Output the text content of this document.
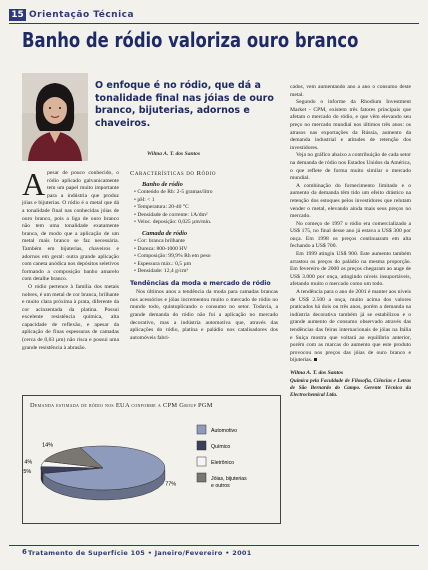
15 Orientação Técnica
Banho de ródio valoriza ouro branco
O enfoque é no ródio, que dá a tonalidade final nas jóias de ouro branco, bijuterias, adornos e chaveiros.
Wilma A. T. dos Santos
A pesar de pouco conhecido, o ródio aplicado galvanicamente tem um papel muito importante para a indústria que produz jóias e bijuterias. O ródio é o metal que dá a tonalidade final nas conhecidas jóias de ouro branco, pois a liga de ouro branco não tem uma tonalidade exatamente branca, de modo que a aplicação de um metal mais branco se faz necessária. Também em bijuterias, chaveiros e adornos em geral: outra grande aplicação com caneta anódica nos depósitos seletivos formando a composição banho amarelo com detalhe branco.

O ródio pertence à família dos metais nobres, é um metal de cor branca, brilhante e muito clara próxima à prata, diferente da cor acinzentada da platina. Possui excelente resistência química, alta capacidade de reflexão, e apesar da aplicação de finas espessuras de camadas (cerca de 0,03 µm) não risca e possui uma grande resistência à abrasão.

Características do Ródio
Banho de ródio
• Conteúdo de Rh: 2-5 gramas/litro
• pH: < 1
• Temperatura: 20-40 °C
• Densidade de corrente: 1A/dm²
• Veloc. deposição: 0,025 µm/min.
Camada de ródio
• Cor: branca brilhante
• Dureza: 800-1000 HV
• Composição: 99,9% Rh em peso
• Espessura máx.: 0,5 µm
• Densidade: 12,4 g/cm³
Tendências da moda e mercado de ródio

Nos últimos anos a tendência da moda para camadas brancas nos acessórios e jóias incrementou muito o mercado de ródio no mundo todo, quintuplicando o consumo no setor. Todavia, a grande demanda do ródio não foi a aplicação no mercado decorativo, mas a indústria automotiva que, através das aplicações do ródio, platina e paládio nos catalisadores dos automóveis fabri-

cados, vem aumentando ano a ano o consumo deste metal.

Segundo o informe da Rhodium Investment Market - CPM, existem três fatores principais que afetam o mercado do ródio, e que vêm elevando seu preço no mercado mundial nos últimos três anos: os atrasos nas exportações da Rússia, aumento da demanda industrial e atitudes de retenção dos investidores.

Veja no gráfico abaixo a contribuição de cada setor na demanda de ródio nos Estados Unidos da América, o que reflete de forma muito similar o mercado mundial.

A combinação do fornecimento limitado e o aumento da demanda têm tido um efeito drástico na retenção dos estoques pelos investidores que relutam vender o metal, elevando ainda mais seus preços no mercado.

No começo de 1997 o ródio era comercializado a US$ 175, no final desse ano já estava a US$ 300 por onça. Em 1998 os preços continuaram em alta fechando a US$ 700.

Em 1999 atingiu US$ 900. Este aumento também arrastou os preços do paládio na mesma proporção. Em fevereiro de 2000 os preços chegaram ao auge de US$ 3.000 por onça, atingindo níveis insuportáveis, afetando muito o mercado como um todo.

A tendência para o ano de 2001 é manter aos níveis de US$ 2.500 a onça, muito acima dos valores praticados há dois ou três anos, porém a demanda na indústria decorativa também já se estabilizou e o grande aumento de consumo observado através das tendências das feiras internacionais de jóias na Itália e Suíça mostra que voltará ao equilíbrio anterior, porém com as marcas do aumento que este produto provocou nos preços das jóias de ouro branco e bijuterias.

Wilma A. T. dos Santos
Química pela Faculdade de Filosofia, Ciências e Letras de São Bernardo do Campo. Gerente Técnica da Electrochemical Ltda.
Demanda estimada de ródio nos EUA conforme a CPM Group PGM
77%
5%
4%
14%
Automotivo
Químico
Eletrônico
Jóias, bijuterias
e outros
6 Tratamento de Superfície 105 • Janeiro/Fevereiro • 2001
